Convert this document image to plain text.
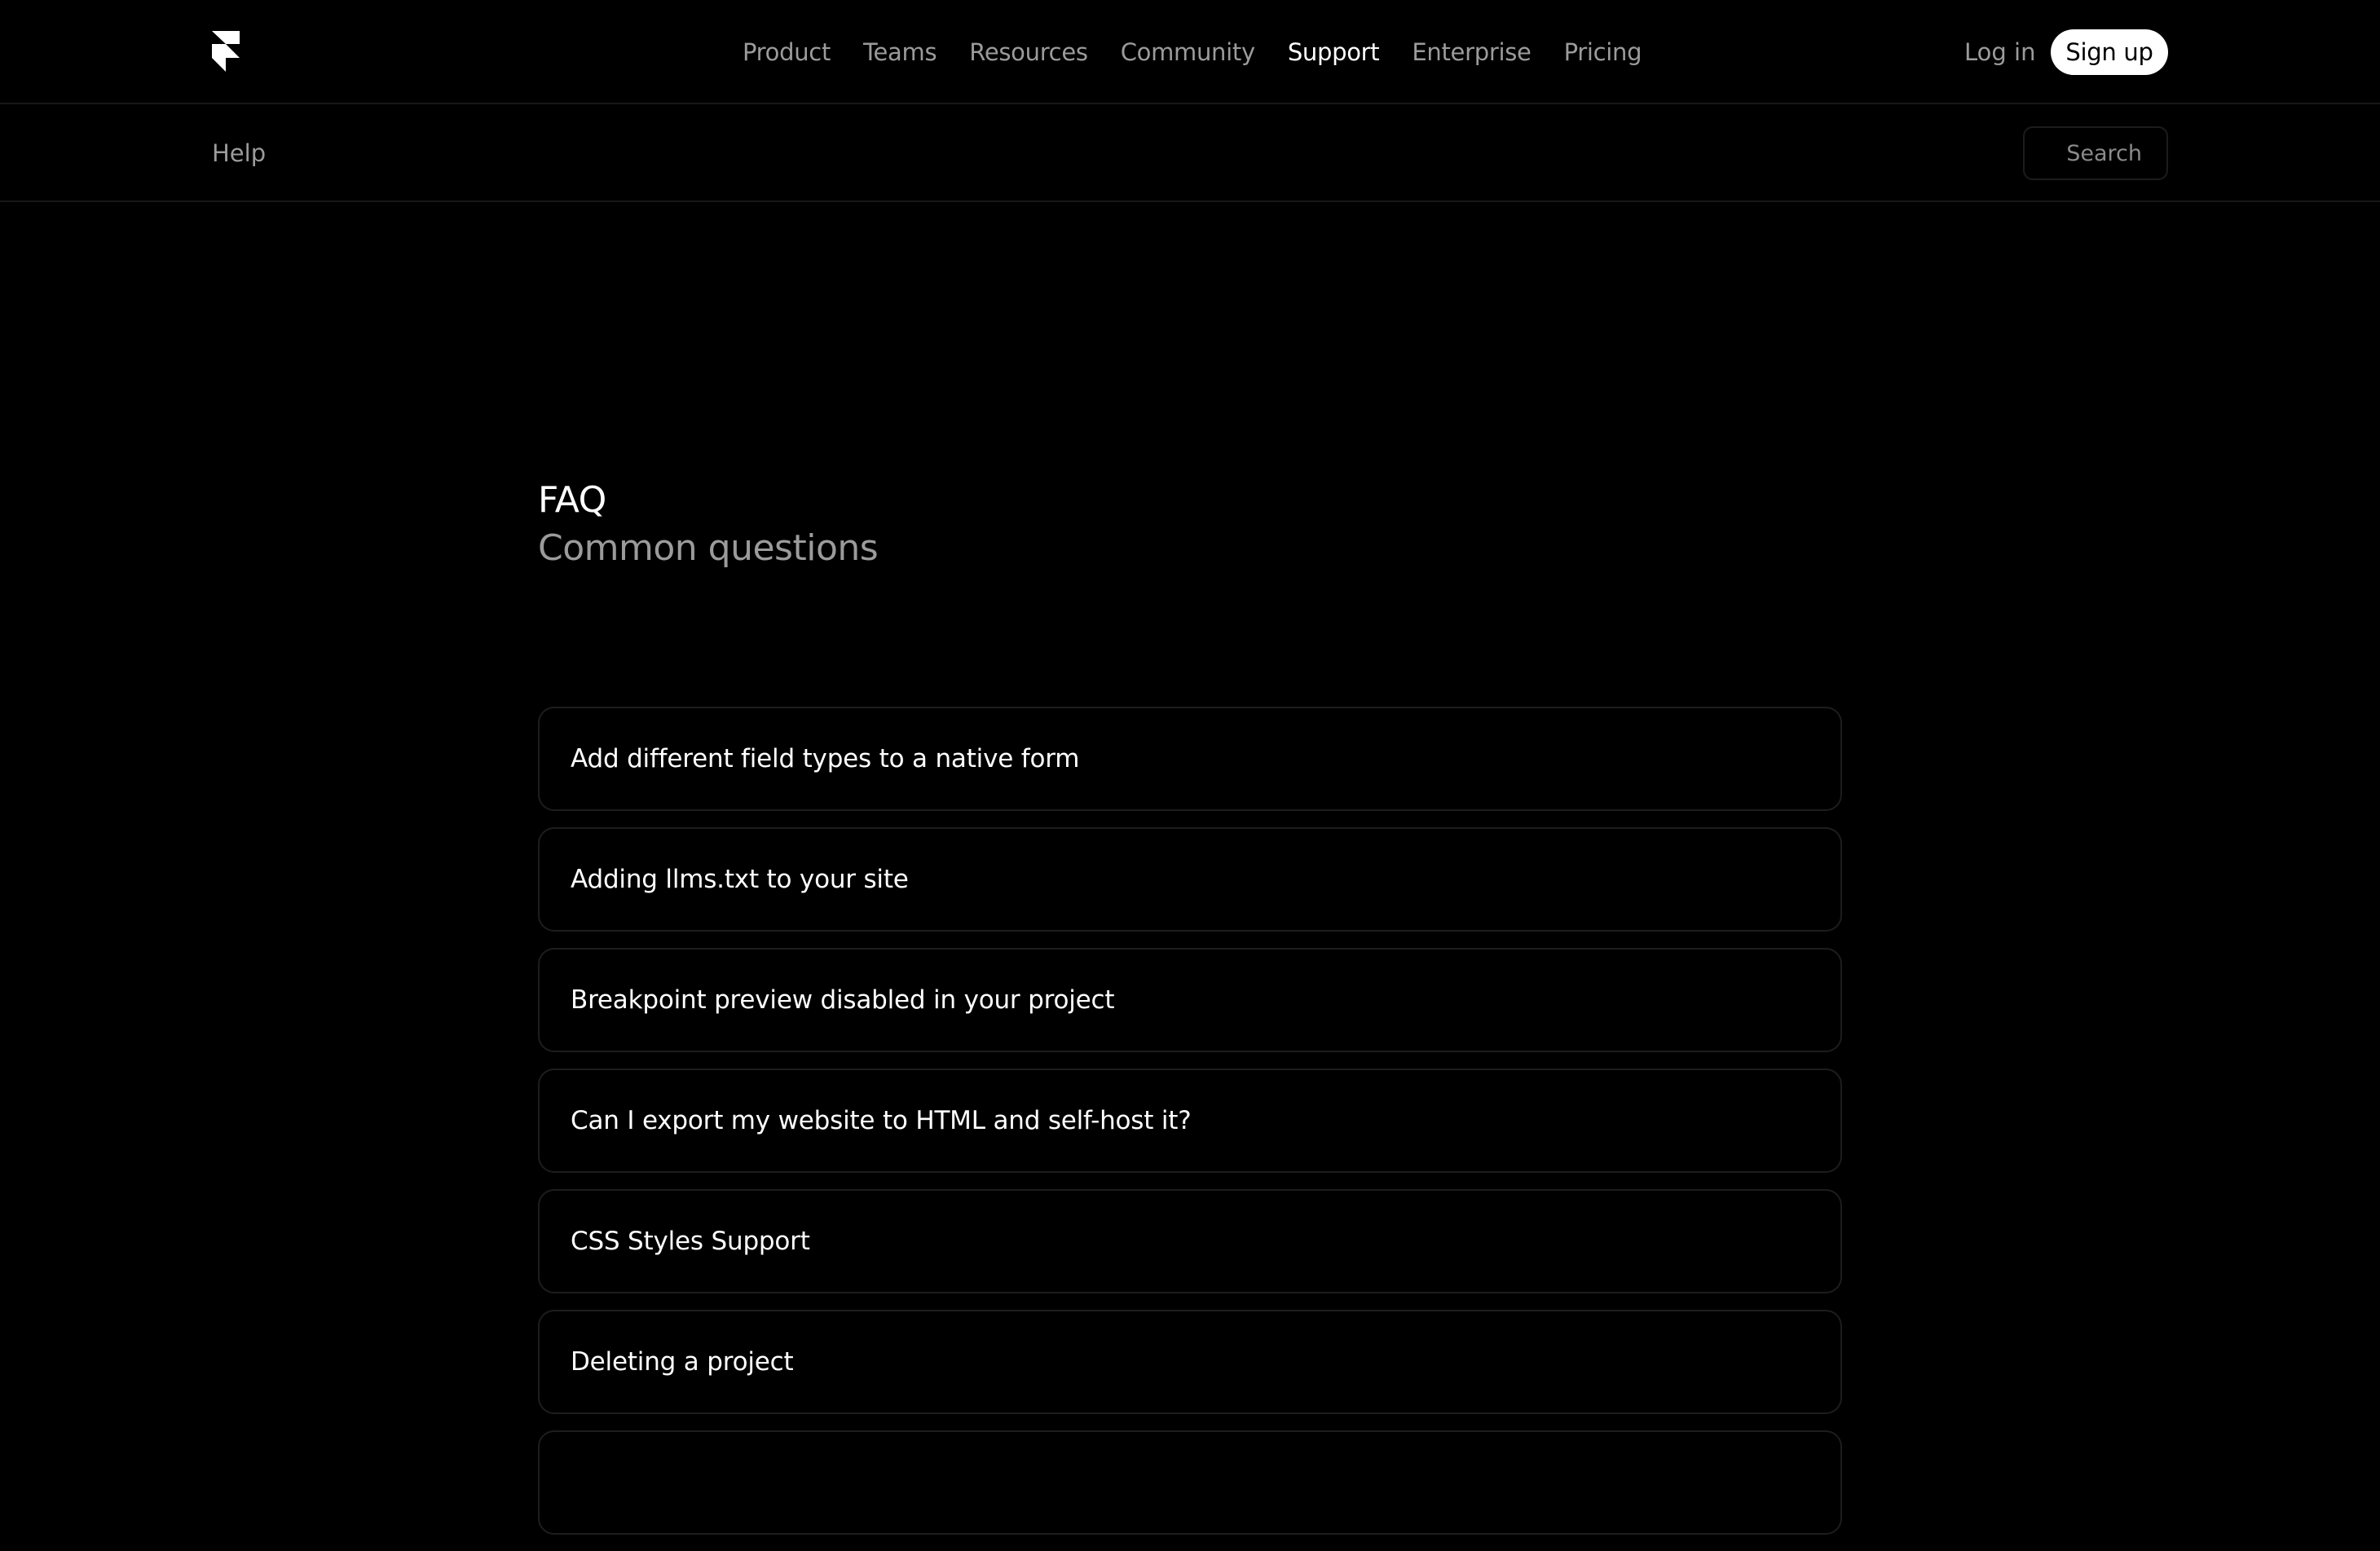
Product Teams Resources Community Support Enterprise Pricing	Log in	Sign up
Help	Search
FAQ
Common questions
Add different field types to a native form
Adding llms.txt to your site
Breakpoint preview disabled in your project
Can I export my website to HTML and self-host it?
CSS Styles Support
Deleting a project
